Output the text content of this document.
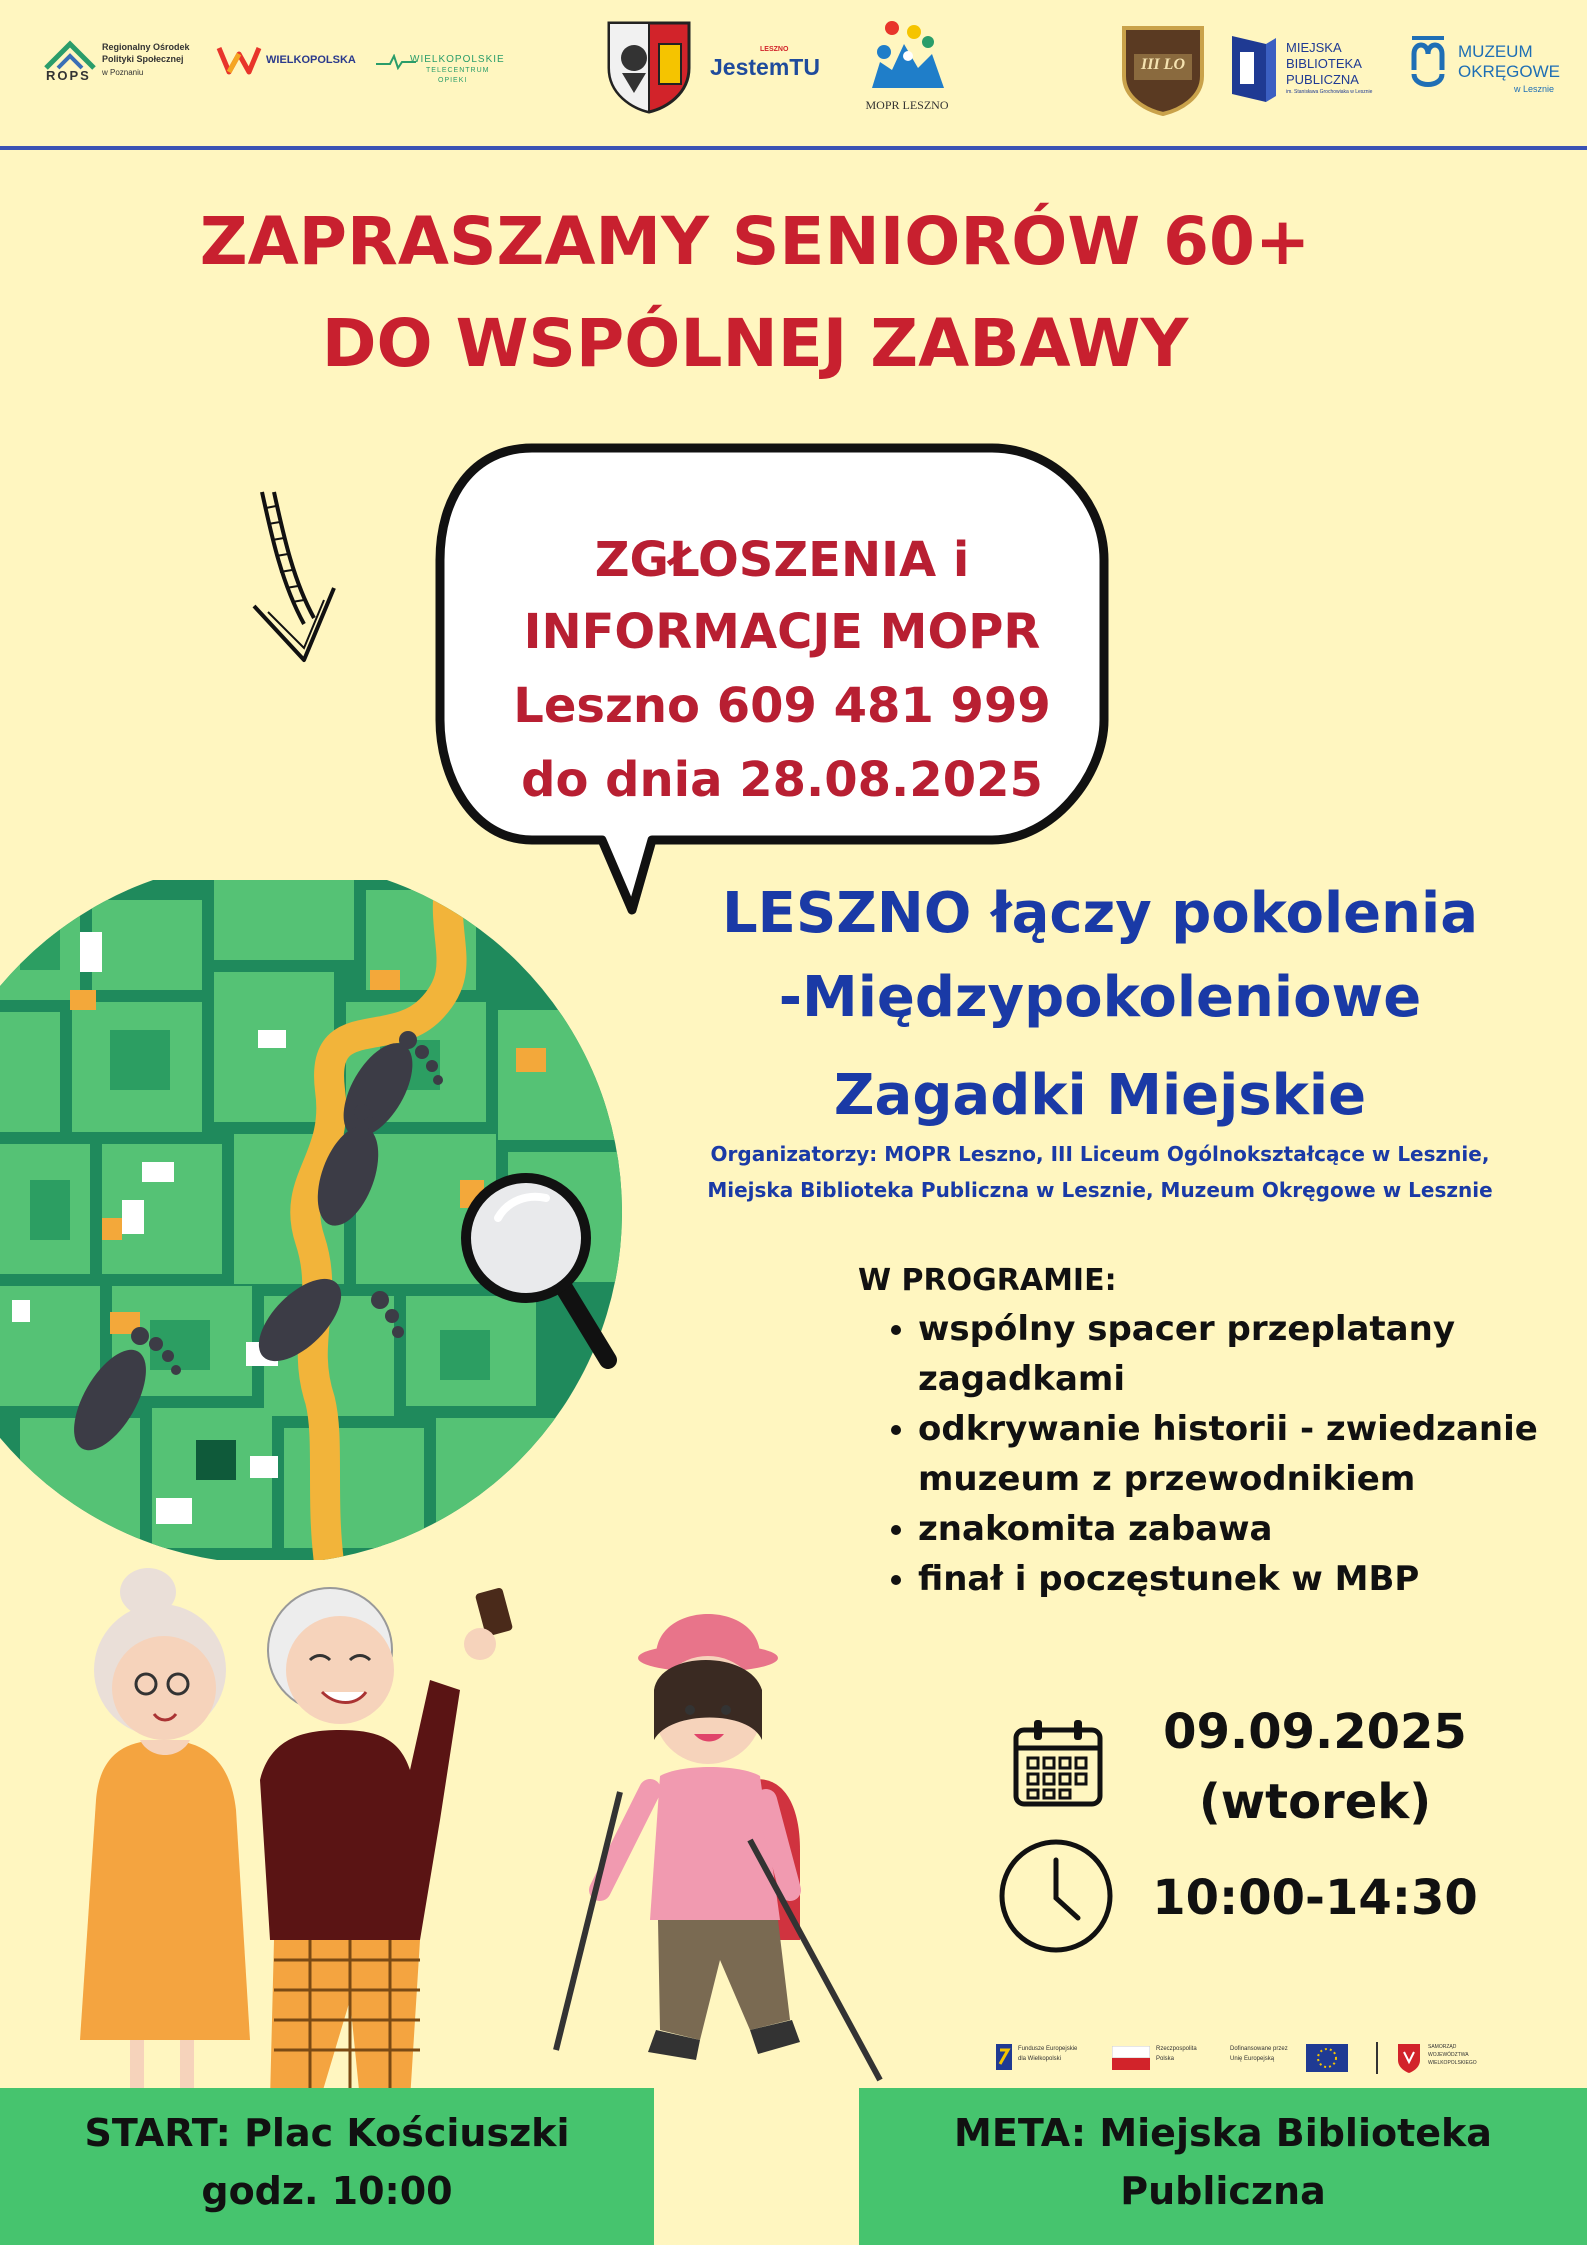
ROPS
Regionalny Ośrodek
Polityki Społecznej
w Poznaniu
WIELKOPOLSKA	WIELKOPOLSKIE
TELECENTRUM
OPIEKI
LESZNO
JestemTU
MOPR LESZNO
III LO
MIEJSKA
BIBLIOTEKA
PUBLICZNA
im. Stanisława Grochowiaka w Lesznie
MUZEUM
OKRĘGOWE
w Lesznie
ZAPRASZAMY SENIORÓW 60+
DO WSPÓLNEJ ZABAWY
ZGŁOSZENIA i
INFORMACJE MOPR
Leszno 609 481 999
do dnia 28.08.2025
LESZNO łączy pokolenia
-Międzypokoleniowe
Zagadki Miejskie
Organizatorzy: MOPR Leszno, III Liceum Ogólnokształcące w Lesznie,
Miejska Biblioteka Publiczna w Lesznie, Muzeum Okręgowe w Lesznie
W PROGRAMIE:
• wspólny spacer przeplatany
zagadkami
• odkrywanie historii - zwiedzanie
muzeum z przewodnikiem
• znakomita zabawa
• finał i poczęstunek w MBP
09.09.2025
(wtorek)
10:00-14:30
Fundusze Europejskie
dla Wielkopolski
Rzeczpospolita
Polska
Dofinansowane przez
Unię Europejską
SAMORZĄD
WOJEWÓDZTWA
WIELKOPOLSKIEGO
START: Plac Kościuszki
godz. 10:00
META: Miejska Biblioteka
Publiczna
